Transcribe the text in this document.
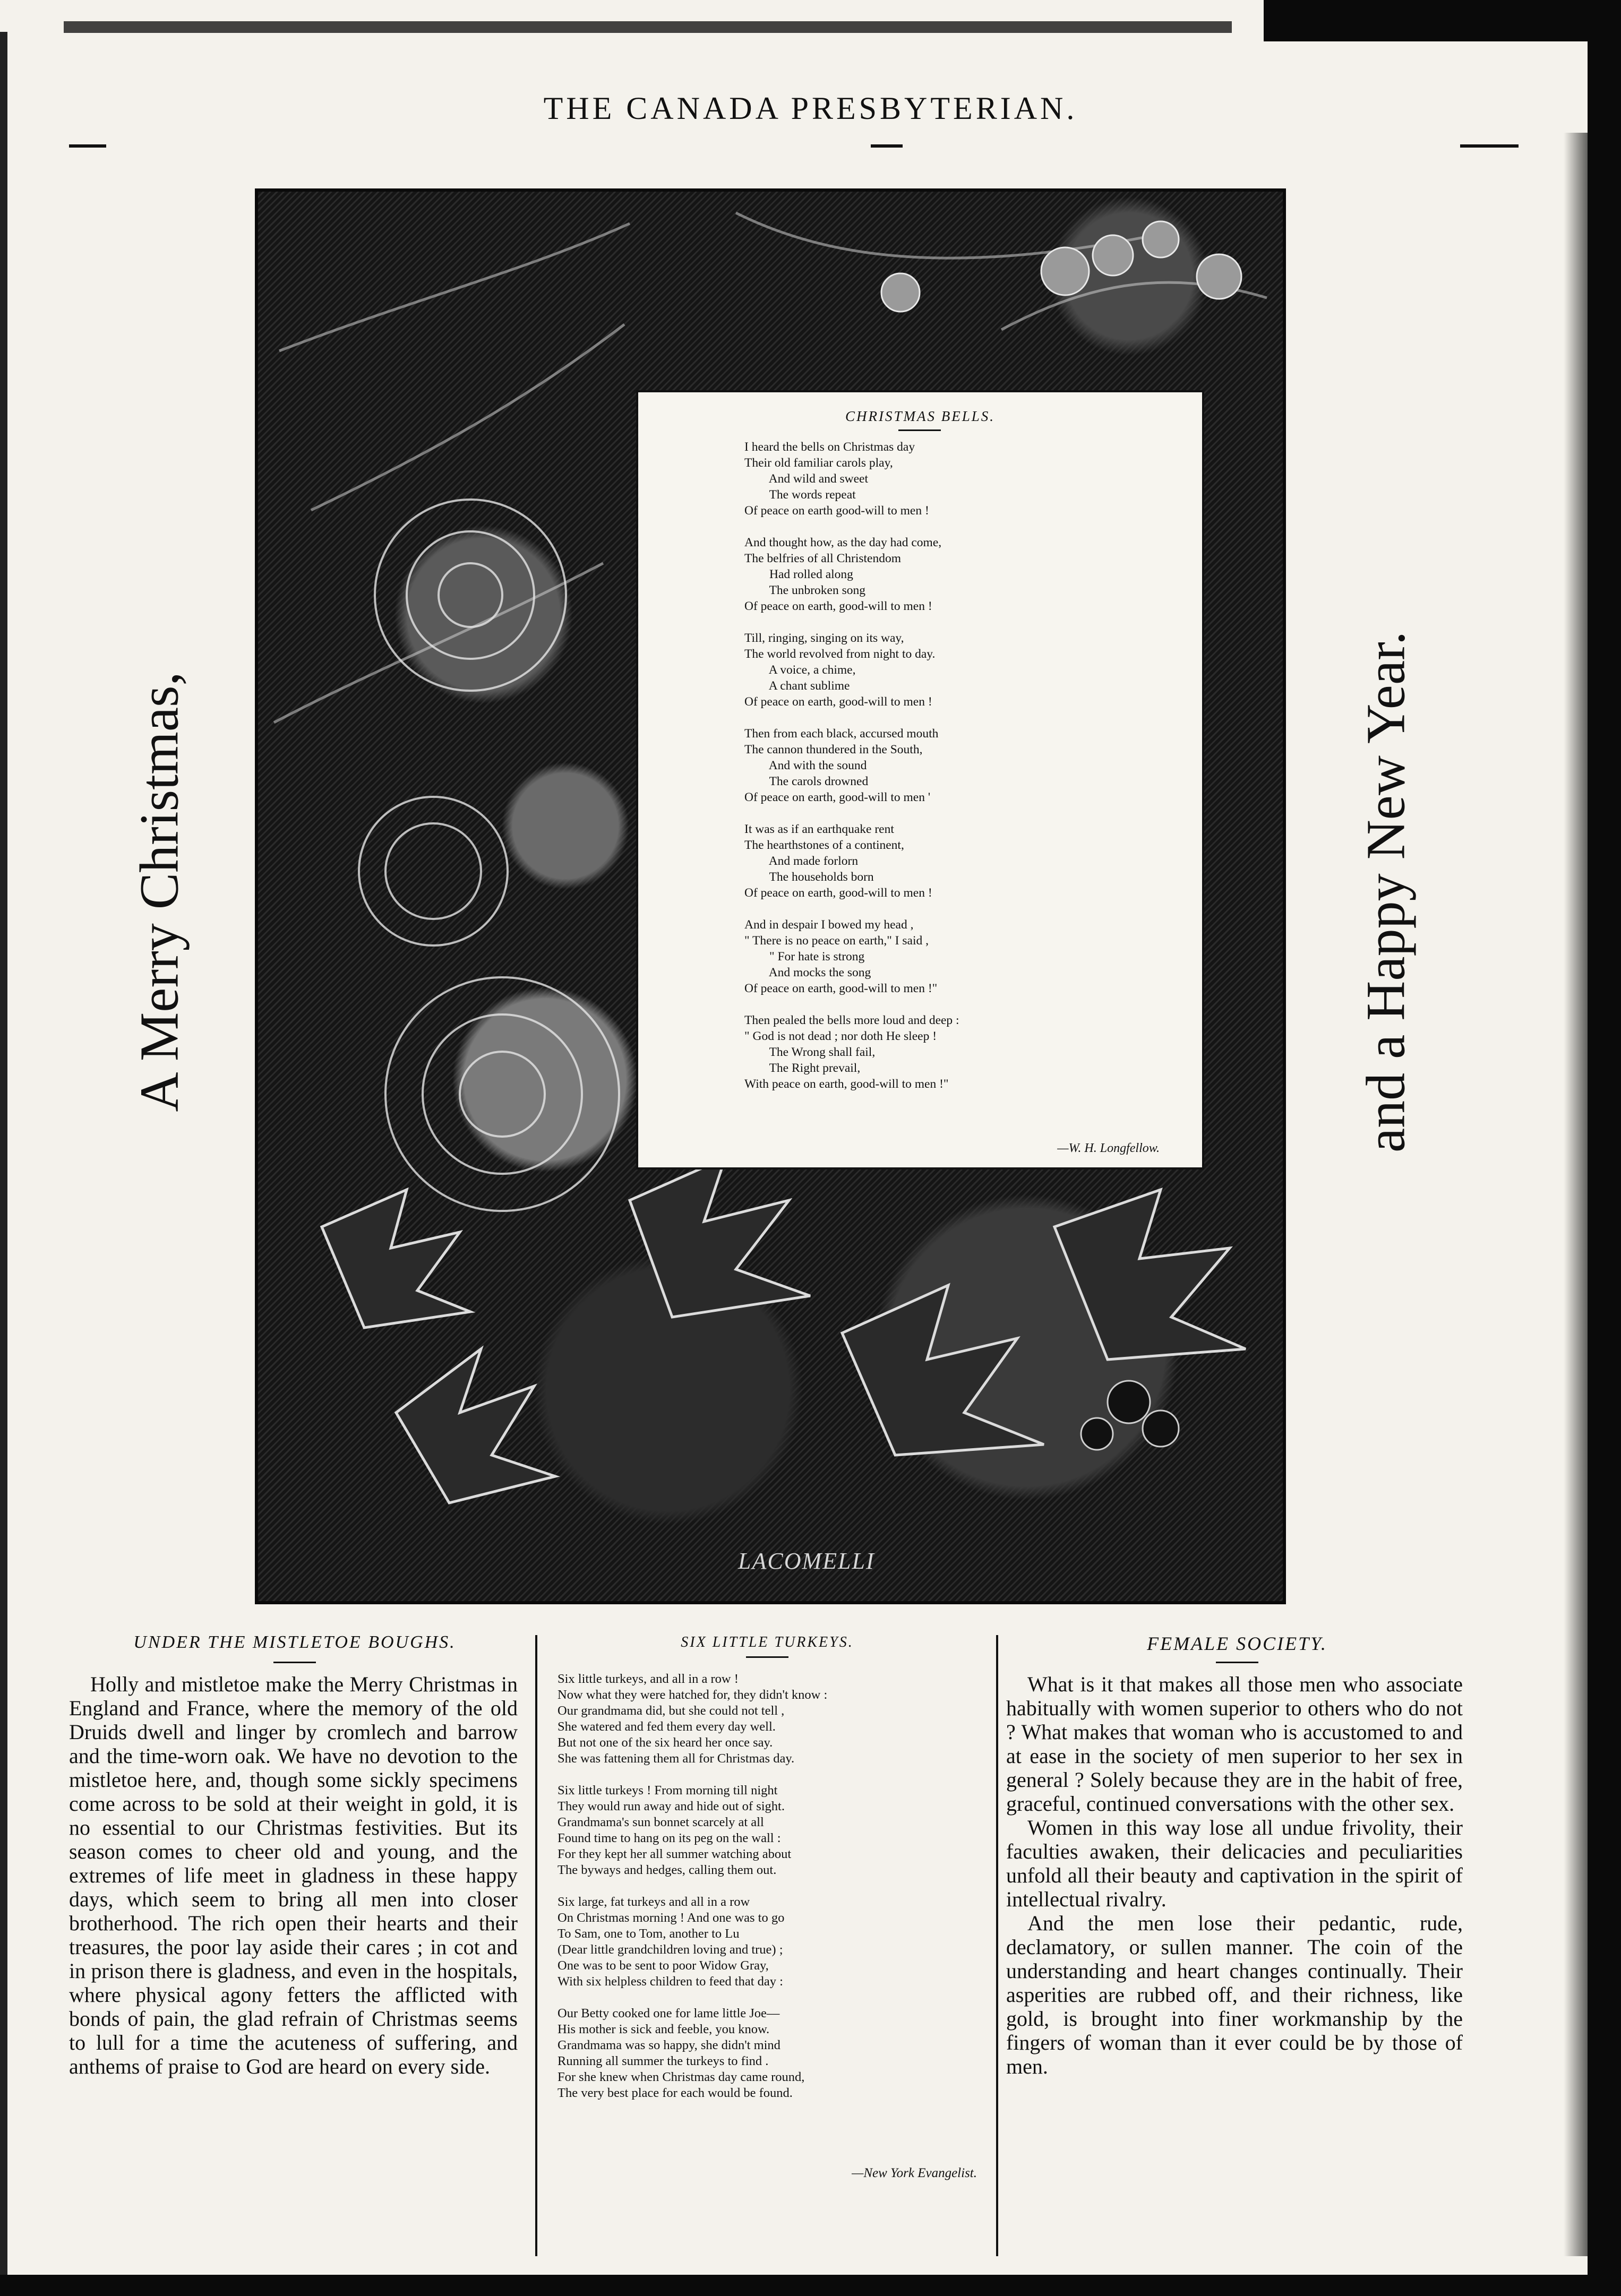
THE CANADA PRESBYTERIAN.
A Merry Christmas,	and a Happy New Year.
CHRISTMAS BELLS.
I heard the bells on Christmas day
Their old familiar carols play,
And wild and sweet
The words repeat
Of peace on earth good-will to men !

And thought how, as the day had come,
The belfries of all Christendom
Had rolled along
The unbroken song
Of peace on earth, good-will to men !

Till, ringing, singing on its way,
The world revolved from night to day.
A voice, a chime,
A chant sublime
Of peace on earth, good-will to men !

Then from each black, accursed mouth
The cannon thundered in the South,
And with the sound
The carols drowned
Of peace on earth, good-will to men '

It was as if an earthquake rent
The hearthstones of a continent,
And made forlorn
The households born
Of peace on earth, good-will to men !

And in despair I bowed my head ,
" There is no peace on earth," I said ,
" For hate is strong
And mocks the song
Of peace on earth, good-will to men !"

Then pealed the bells more loud and deep :
" God is not dead ; nor doth He sleep !
The Wrong shall fail,
The Right prevail,
With peace on earth, good-will to men !"
—W. H. Longfellow.
LACOMELLI
UNDER THE MISTLETOE BOUGHS.

Holly and mistletoe make the Merry Christmas in England and France, where the memory of the old Druids dwell and linger by cromlech and barrow and the time-worn oak. We have no devotion to the mistletoe here, and, though some sickly specimens come across to be sold at their weight in gold, it is no essential to our Christmas festivities. But its season comes to cheer old and young, and the extremes of life meet in gladness in these happy days, which seem to bring all men into closer brotherhood. The rich open their hearts and their treasures, the poor lay aside their cares ; in cot and in prison there is gladness, and even in the hospitals, where physical agony fetters the afflicted with bonds of pain, the glad refrain of Christmas seems to lull for a time the acuteness of suffering, and anthems of praise to God are heard on every side.

SIX LITTLE TURKEYS.
Six little turkeys, and all in a row !
Now what they were hatched for, they didn't know :
Our grandmama did, but she could not tell ,
She watered and fed them every day well.
But not one of the six heard her once say.
She was fattening them all for Christmas day.

Six little turkeys ! From morning till night
They would run away and hide out of sight.
Grandmama's sun bonnet scarcely at all
Found time to hang on its peg on the wall :
For they kept her all summer watching about
The byways and hedges, calling them out.

Six large, fat turkeys and all in a row
On Christmas morning ! And one was to go
To Sam, one to Tom, another to Lu
(Dear little grandchildren loving and true) ;
One was to be sent to poor Widow Gray,
With six helpless children to feed that day :

Our Betty cooked one for lame little Joe—
His mother is sick and feeble, you know.
Grandmama was so happy, she didn't mind
Running all summer the turkeys to find .
For she knew when Christmas day came round,
The very best place for each would be found.
—New York Evangelist.
FEMALE SOCIETY.

What is it that makes all those men who associate habitually with women superior to others who do not ? What makes that woman who is accustomed to and at ease in the society of men superior to her sex in general ? Solely because they are in the habit of free, graceful, continued conversations with the other sex.

Women in this way lose all undue frivolity, their faculties awaken, their delicacies and peculiarities unfold all their beauty and captivation in the spirit of intellectual rivalry.

And the men lose their pedantic, rude, declamatory, or sullen manner. The coin of the understanding and heart changes continually. Their asperities are rubbed off, and their richness, like gold, is brought into finer workmanship by the fingers of woman than it ever could be by those of men.
